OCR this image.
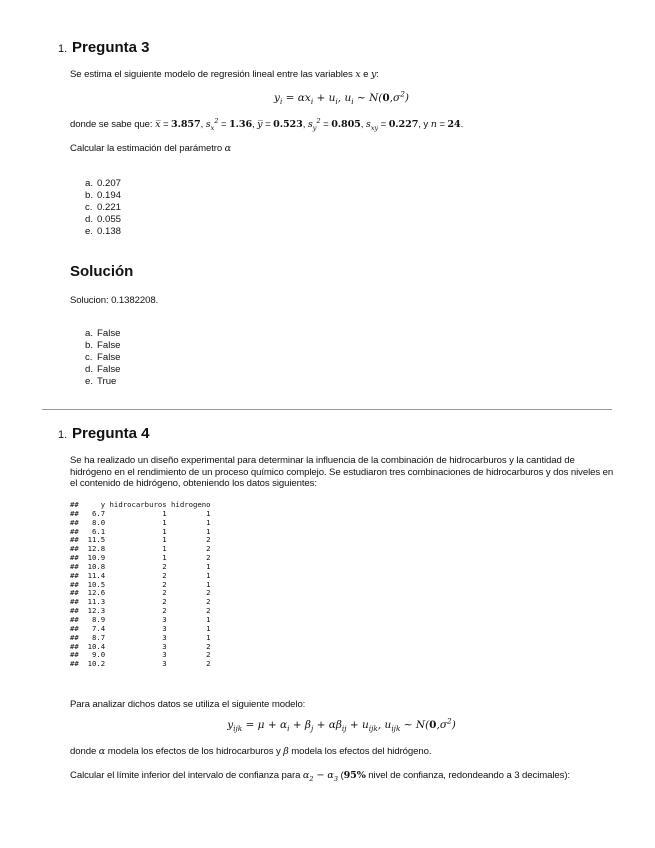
1. Pregunta 3
Se estima el siguiente modelo de regresión lineal entre las variables x e y:
$y_i = \alpha x_i + u_i$, $u_i$ ∼ $N(0,\sigma^2)$
donde se sabe que: x̅ = 3.857, $s_x^2 = 1.36$, y̅ = 0.523, $s_y^2 = 0.805$, $s_{xy} = 0.227$, y n = 24.
Calcular la estimación del parámetro α
a. 0.207
b. 0.194
c. 0.221
d. 0.055
e. 0.138
Solución
Solucion: 0.1382208.
a. False
b. False
c. False
d. False
e. True
1. Pregunta 4
Se ha realizado un diseño experimental para determinar la influencia de la combinación de hidrocarburos y la cantidad de hidrógeno en el rendimiento de un proceso químico complejo. Se estudiaron tres combinaciones de hidrocarburos y dos niveles en el contenido de hidrógeno, obteniendo los datos siguientes:
##     y hidrocarburos hidrogeno
##   6.7             1         1
##   8.0             1         1
##   6.1             1         1
##  11.5             1         2
##  12.8             1         2
##  10.9             1         2
##  10.8             2         1
##  11.4             2         1
##  10.5             2         1
##  12.6             2         2
##  11.3             2         2
##  12.3             2         2
##   8.9             3         1
##   7.4             3         1
##   8.7             3         1
##  10.4             3         2
##   9.0             3         2
##  10.2             3         2
Para analizar dichos datos se utiliza el siguiente modelo:
$y_{ijk} = \mu + \alpha_i + \beta_j + \alpha\beta_{ij} + u_{ijk}$, $u_{ijk}$ ∼ $N(0,\sigma^2)$
donde α modela los efectos de los hidrocarburos y β modela los efectos del hidrógeno.
Calcular el límite inferior del intervalo de confianza para $\alpha_2 - \alpha_3$ (95% nivel de confianza, redondeando a 3 decimales):
